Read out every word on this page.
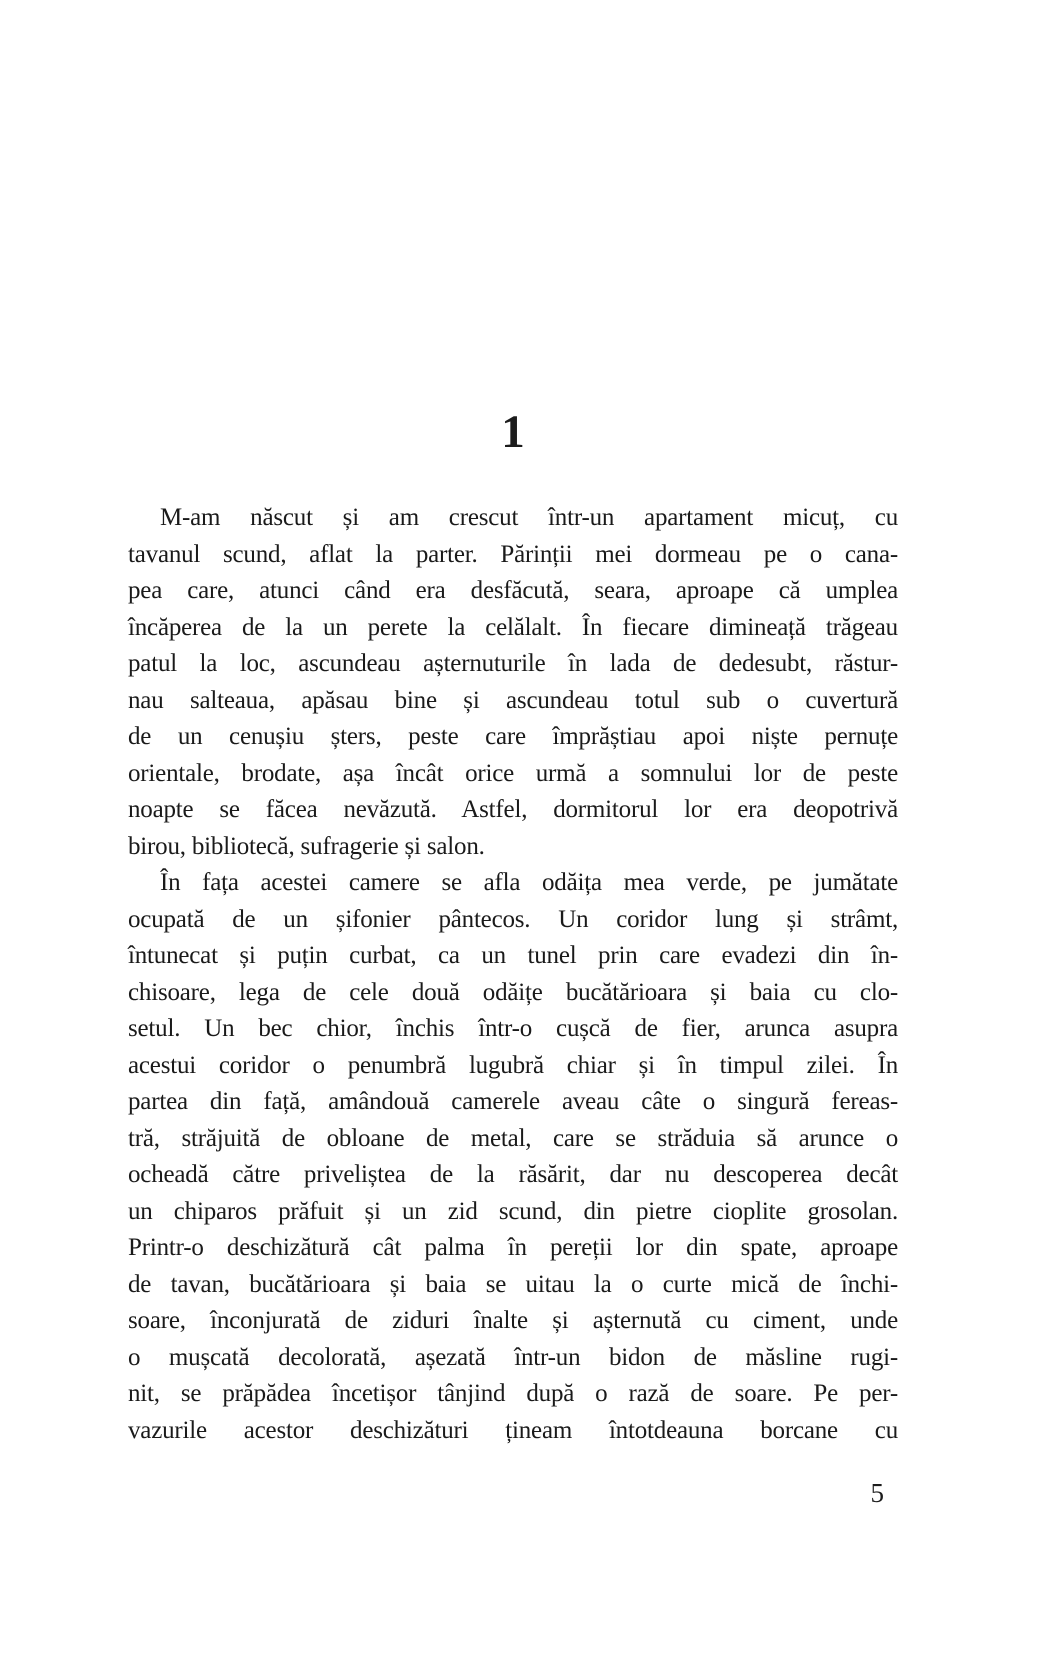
1
M-am născut și am crescut într-un apartament micuț, cu
tavanul scund, aflat la parter. Părinții mei dormeau pe o cana-
pea care, atunci când era desfăcută, seara, aproape că umplea
încăperea de la un perete la celălalt. În fiecare dimineață trăgeau
patul la loc, ascundeau așternuturile în lada de dedesubt, răstur-
nau salteaua, apăsau bine și ascundeau totul sub o cuvertură
de un cenușiu șters, peste care împrăștiau apoi niște pernuțe
orientale, brodate, așa încât orice urmă a somnului lor de peste
noapte se făcea nevăzută. Astfel, dormitorul lor era deopotrivă
birou, bibliotecă, sufragerie și salon.
În fața acestei camere se afla odăița mea verde, pe jumătate
ocupată de un șifonier pântecos. Un coridor lung și strâmt,
întunecat și puțin curbat, ca un tunel prin care evadezi din în-
chisoare, lega de cele două odăițe bucătărioara și baia cu clo-
setul. Un bec chior, închis într-o cușcă de fier, arunca asupra
acestui coridor o penumbră lugubră chiar și în timpul zilei. În
partea din față, amândouă camerele aveau câte o singură fereas-
tră, străjuită de obloane de metal, care se străduia să arunce o
ocheadă către priveliștea de la răsărit, dar nu descoperea decât
un chiparos prăfuit și un zid scund, din pietre cioplite grosolan.
Printr-o deschizătură cât palma în pereții lor din spate, aproape
de tavan, bucătărioara și baia se uitau la o curte mică de închi-
soare, înconjurată de ziduri înalte și așternută cu ciment, unde
o mușcată decolorată, așezată într-un bidon de măsline rugi-
nit, se prăpădea încetișor tânjind după o rază de soare. Pe per-
vazurile acestor deschizături țineam întotdeauna borcane cu
5
